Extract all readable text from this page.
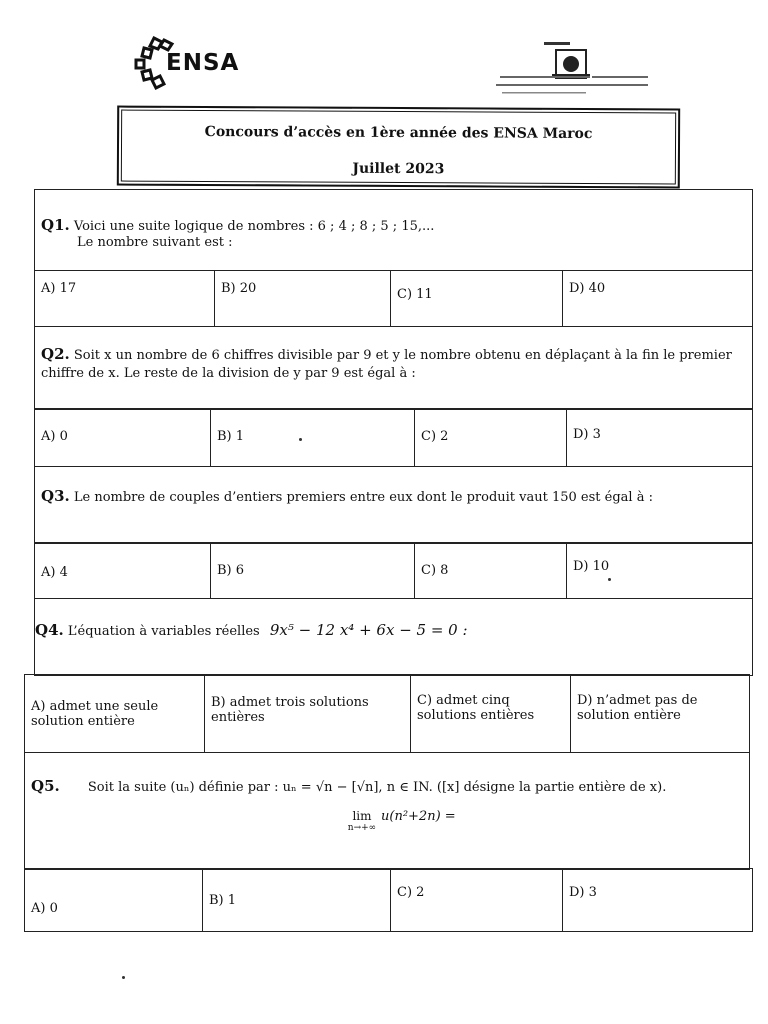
ENSA
Concours d’accès en 1ère année des ENSA Maroc
Juillet 2023
Q1. Voici une suite logique de nombres : 6 ; 4 ; 8 ; 5 ; 15,...
Le nombre suivant est :
A) 17	B) 20	C) 11	D) 40
Q2. Soit x un nombre de 6 chiffres divisible par 9 et y le nombre obtenu en déplaçant à la fin le premier
chiffre de x. Le reste de la division de y par 9 est égal à :
A) 0	B) 1	C) 2	D) 3
Q3. Le nombre de couples d’entiers premiers entre eux dont le produit vaut 150 est égal à :
A) 4	B) 6	C) 8	D) 10
Q4. L’équation à variables réelles 9x⁵ − 12 x⁴ + 6x − 5 = 0 :
A) admet une seule solution entière
B) admet trois solutions entières
C) admet cinq solutions entières
D) n’admet pas de solution entière
Q5. Soit la suite (uₙ) définie par : uₙ = √n − [√n], n ∈ IN. ([x] désigne la partie entière de x).
lim
n→+∞
u(n²+2n) =
A) 0
B) 1
C) 2	D) 3
